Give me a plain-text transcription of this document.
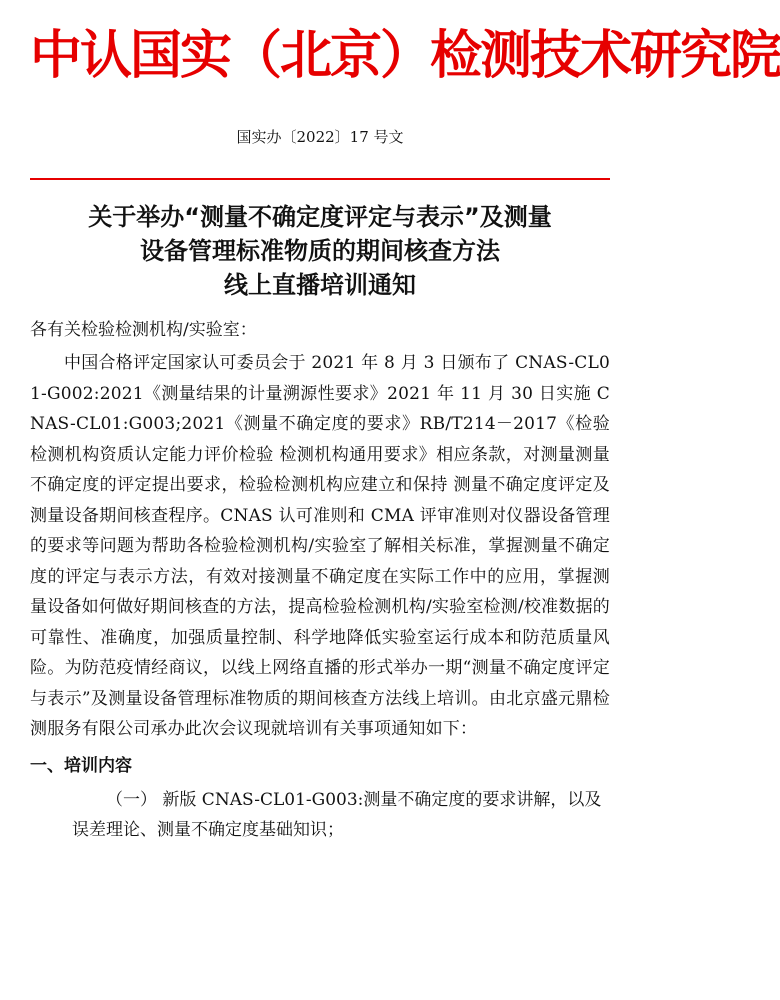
中认国实（北京）检测技术研究院
国实办〔2022〕17 号文
关于举办“测量不确定度评定与表示”及测量
设备管理标准物质的期间核查方法
线上直播培训通知

各有关检验检测机构/实验室：

中国合格评定国家认可委员会于 2021 年 8 月 3 日颁布了 CNAS-CL01-G002:2021《测量结果的计量溯源性要求》2021 年 11 月 30 日实施 CNAS-CL01:G003;2021《测量不确定度的要求》RB/T214－2017《检验检测机构资质认定能力评价检验 检测机构通用要求》相应条款，对测量测量不确定度的评定提出要求，检验检测机构应建立和保持 测量不确定度评定及测量设备期间核查程序。CNAS 认可准则和 CMA 评审准则对仪器设备管理的要求等问题为帮助各检验检测机构/实验室了解相关标准，掌握测量不确定度的评定与表示方法，有效对接测量不确定度在实际工作中的应用，掌握测量设备如何做好期间核查的方法，提高检验检测机构/实验室检测/校准数据的可靠性、准确度，加强质量控制、科学地降低实验室运行成本和防范质量风险。为防范疫情经商议，以线上网络直播的形式举办一期“测量不确定度评定与表示”及测量设备管理标准物质的期间核查方法线上培训。由北京盛元鼎检测服务有限公司承办此次会议现就培训有关事项通知如下：

一、培训内容

（一） 新版 CNAS-CL01-G003:测量不确定度的要求讲解，以及误差理论、测量不确定度基础知识；
